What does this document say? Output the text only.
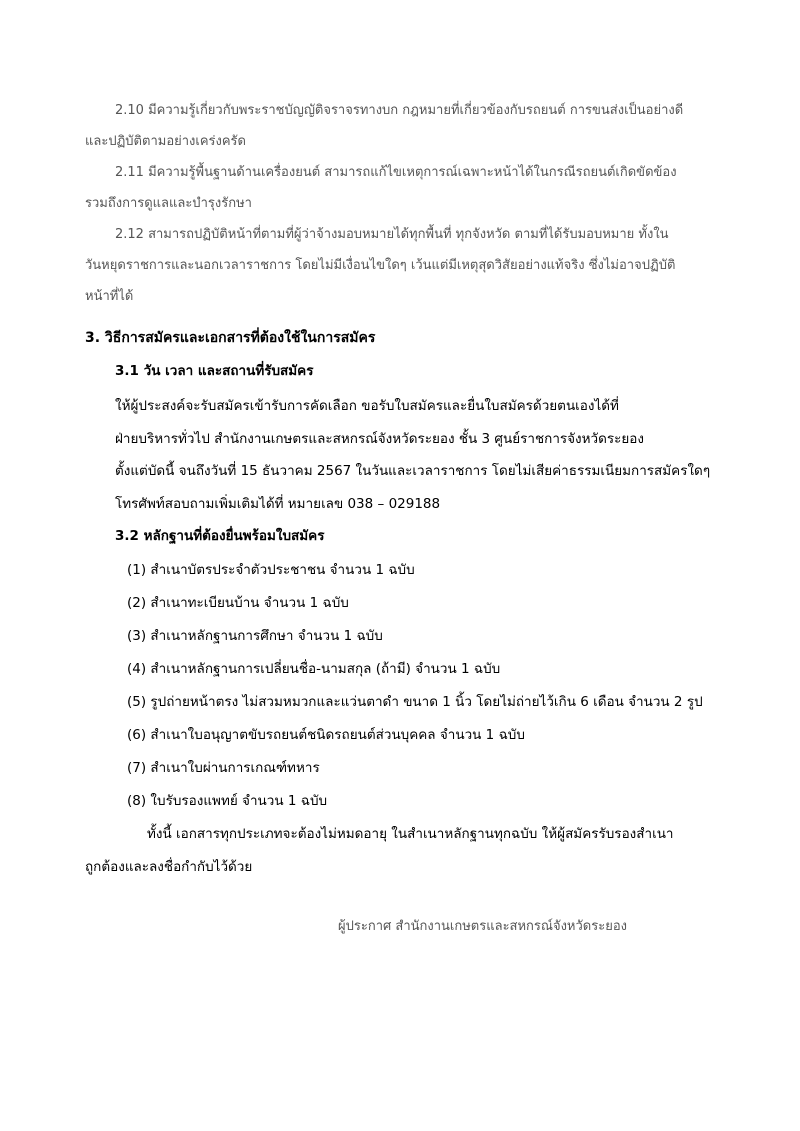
2.10 มีความรู้เกี่ยวกับพระราชบัญญัติจราจรทางบก กฎหมายที่เกี่ยวข้องกับรถยนต์ การขนส่งเป็นอย่างดี
และปฏิบัติตามอย่างเคร่งครัด
2.11 มีความรู้พื้นฐานด้านเครื่องยนต์ สามารถแก้ไขเหตุการณ์เฉพาะหน้าได้ในกรณีรถยนต์เกิดขัดข้อง
รวมถึงการดูแลและบำรุงรักษา
2.12 สามารถปฏิบัติหน้าที่ตามที่ผู้ว่าจ้างมอบหมายได้ทุกพื้นที่ ทุกจังหวัด ตามที่ได้รับมอบหมาย ทั้งใน
วันหยุดราชการและนอกเวลาราชการ โดยไม่มีเงื่อนไขใดๆ เว้นแต่มีเหตุสุดวิสัยอย่างแท้จริง ซึ่งไม่อาจปฏิบัติ
หน้าที่ได้
3. วิธีการสมัครและเอกสารที่ต้องใช้ในการสมัคร
3.1 วัน เวลา และสถานที่รับสมัคร
ให้ผู้ประสงค์จะรับสมัครเข้ารับการคัดเลือก ขอรับใบสมัครและยื่นใบสมัครด้วยตนเองได้ที่
ฝ่ายบริหารทั่วไป สำนักงานเกษตรและสหกรณ์จังหวัดระยอง ชั้น 3 ศูนย์ราชการจังหวัดระยอง
ตั้งแต่บัดนี้ จนถึงวันที่ 15 ธันวาคม 2567 ในวันและเวลาราชการ โดยไม่เสียค่าธรรมเนียมการสมัครใดๆ
โทรศัพท์สอบถามเพิ่มเติมได้ที่ หมายเลข 038 – 029188
3.2 หลักฐานที่ต้องยื่นพร้อมใบสมัคร
(1) สำเนาบัตรประจำตัวประชาชน จำนวน 1 ฉบับ
(2) สำเนาทะเบียนบ้าน จำนวน 1 ฉบับ
(3) สำเนาหลักฐานการศึกษา จำนวน 1 ฉบับ
(4) สำเนาหลักฐานการเปลี่ยนชื่อ-นามสกุล (ถ้ามี) จำนวน 1 ฉบับ
(5) รูปถ่ายหน้าตรง ไม่สวมหมวกและแว่นตาดำ ขนาด 1 นิ้ว โดยไม่ถ่ายไว้เกิน 6 เดือน จำนวน 2 รูป
(6) สำเนาใบอนุญาตขับรถยนต์ชนิดรถยนต์ส่วนบุคคล จำนวน 1 ฉบับ
(7) สำเนาใบผ่านการเกณฑ์ทหาร
(8) ใบรับรองแพทย์ จำนวน 1 ฉบับ
ทั้งนี้ เอกสารทุกประเภทจะต้องไม่หมดอายุ ในสำเนาหลักฐานทุกฉบับ ให้ผู้สมัครรับรองสำเนา
ถูกต้องและลงชื่อกำกับไว้ด้วย
ผู้ประกาศ สำนักงานเกษตรและสหกรณ์จังหวัดระยอง
